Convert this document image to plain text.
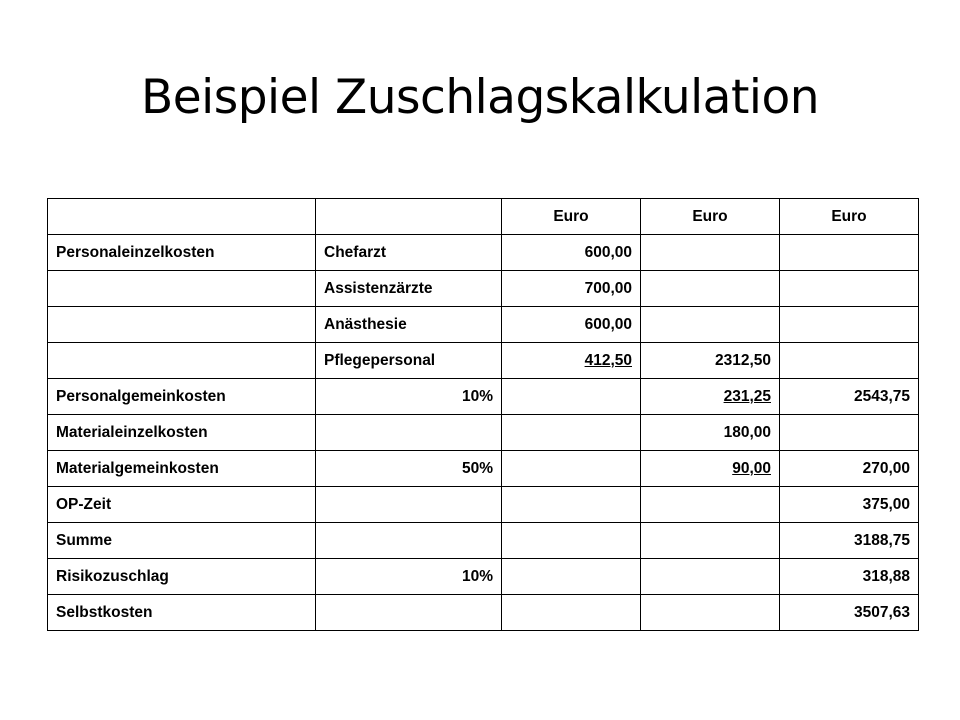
Beispiel Zuschlagskalkulation
		Euro	Euro	Euro
Personaleinzelkosten	Chefarzt	600,00		
	Assistenzärzte	700,00		
	Anästhesie	600,00		
	Pflegepersonal	412,50	2312,50	
Personalgemeinkosten	10%		231,25	2543,75
Materialeinzelkosten			180,00	
Materialgemeinkosten	50%		90,00	270,00
OP-Zeit				375,00
Summe				3188,75
Risikozuschlag	10%			318,88
Selbstkosten				3507,63
